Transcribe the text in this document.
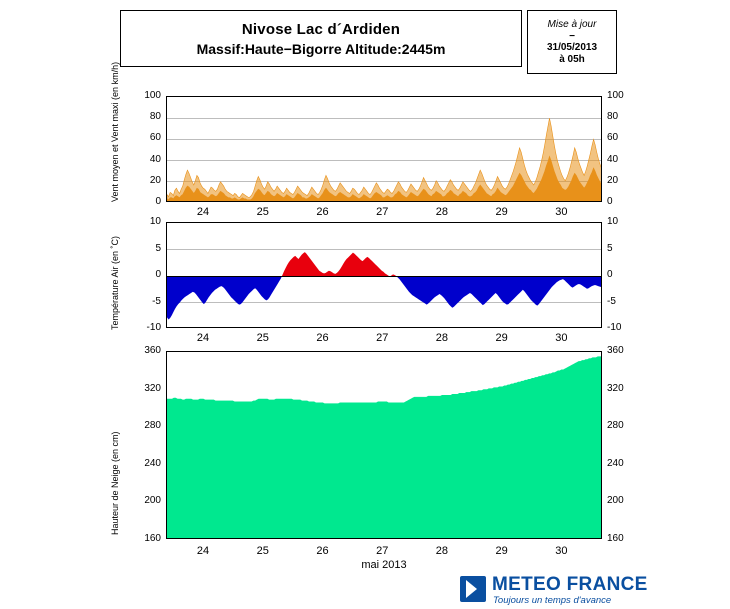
Nivose Lac d´Ardiden
Massif:Haute−Bigorre Altitude:2445m
Mise à jour
−
31/05/2013
à 05h
Vent moyen et Vent maxi (en km/h)
Température Air (en ˚C)
Hauteur de Neige (en cm)
mai 2013
METEO FRANCE
Toujours un temps d'avance
0	0
20	20
40	40
60	60
80	80
100	100
24	25	26	27	28	29	30
-10	-10
-5	-5
0	0
5	5
10	10
24	25	26	27	28	29	30
160	160
200	200
240	240
280	280
320	320
360	360
24	25	26	27	28	29	30
